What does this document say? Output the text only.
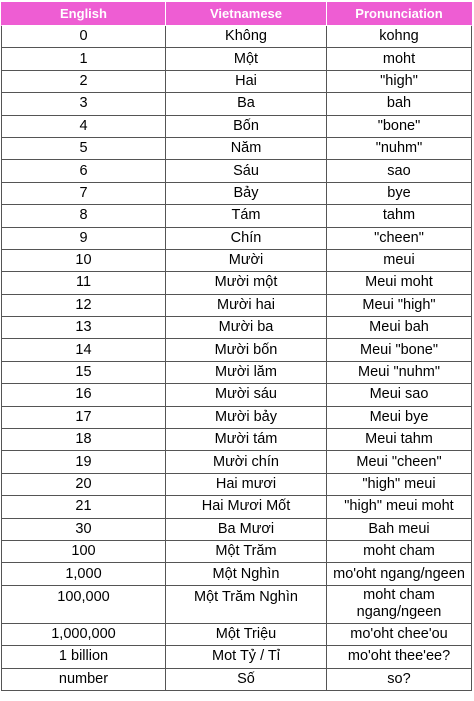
English	Vietnamese	Pronunciation
0	Không	kohng
1	Một	moht
2	Hai	"high"
3	Ba	bah
4	Bốn	"bone"
5	Năm	"nuhm"
6	Sáu	sao
7	Bảy	bye
8	Tám	tahm
9	Chín	"cheen"
10	Mười	meui
11	Mười một	Meui moht
12	Mười hai	Meui "high"
13	Mười ba	Meui bah
14	Mười bốn	Meui "bone"
15	Mười lăm	Meui "nuhm"
16	Mười sáu	Meui sao
17	Mười bảy	Meui bye
18	Mười tám	Meui tahm
19	Mười chín	Meui "cheen"
20	Hai mươi	"high" meui
21	Hai Mươi Mốt	"high" meui moht
30	Ba Mươi	Bah meui
100	Một Trăm	moht cham
1,000	Một Nghìn	mo'oht ngang/ngeen
100,000	Một Trăm Nghìn	moht cham ngang/ngeen
1,000,000	Một Triệu	mo'oht chee'ou
1 billion	Mot Tỷ / Tỉ	mo'oht thee'ee?
number	Số	so?
